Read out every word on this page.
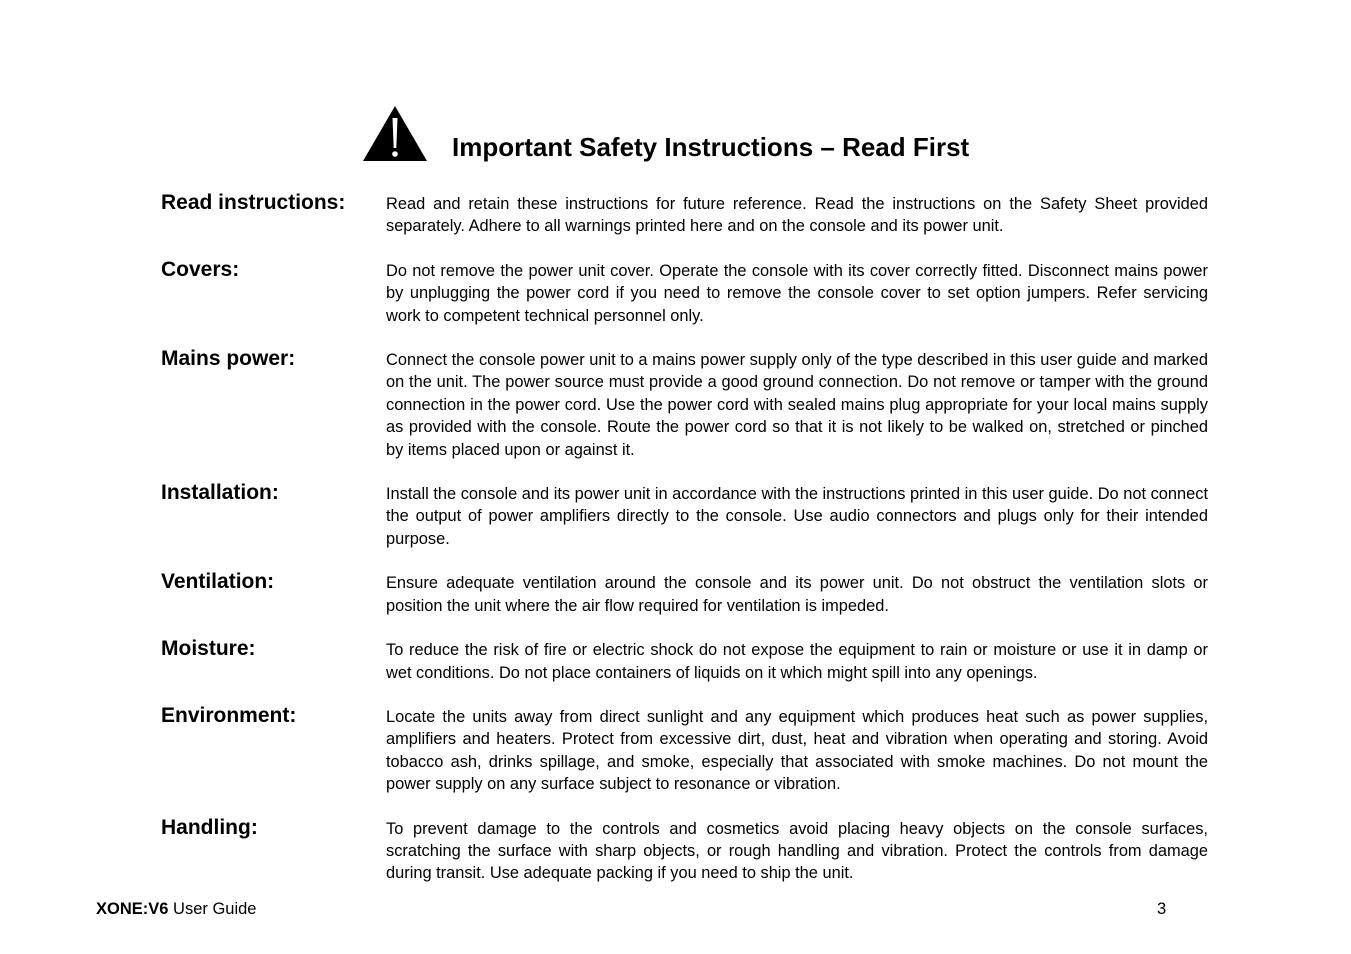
Important Safety Instructions – Read First
Read instructions:	Read and retain these instructions for future reference. Read the instructions on the Safety Sheet provided separately. Adhere to all warnings printed here and on the console and its power unit.
Covers:	Do not remove the power unit cover. Operate the console with its cover correctly fitted. Disconnect mains power by unplugging the power cord if you need to remove the console cover to set option jumpers. Refer servicing work to competent technical personnel only.
Mains power:	Connect the console power unit to a mains power supply only of the type described in this user guide and marked on the unit. The power source must provide a good ground connection. Do not remove or tamper with the ground connection in the power cord. Use the power cord with sealed mains plug appropriate for your local mains supply as provided with the console. Route the power cord so that it is not likely to be walked on, stretched or pinched by items placed upon or against it.
Installation:	Install the console and its power unit in accordance with the instructions printed in this user guide. Do not connect the output of power amplifiers directly to the console. Use audio connectors and plugs only for their intended purpose.
Ventilation:	Ensure adequate ventilation around the console and its power unit. Do not obstruct the ventilation slots or position the unit where the air flow required for ventilation is impeded.
Moisture:	To reduce the risk of fire or electric shock do not expose the equipment to rain or moisture or use it in damp or wet conditions. Do not place containers of liquids on it which might spill into any openings.
Environment:	Locate the units away from direct sunlight and any equipment which produces heat such as power supplies, amplifiers and heaters. Protect from excessive dirt, dust, heat and vibration when operating and storing. Avoid tobacco ash, drinks spillage, and smoke, especially that associated with smoke machines. Do not mount the power supply on any surface subject to resonance or vibration.
Handling:	To prevent damage to the controls and cosmetics avoid placing heavy objects on the console surfaces, scratching the surface with sharp objects, or rough handling and vibration. Protect the controls from damage during transit. Use adequate packing if you need to ship the unit.
XONE:V6 User Guide	3
